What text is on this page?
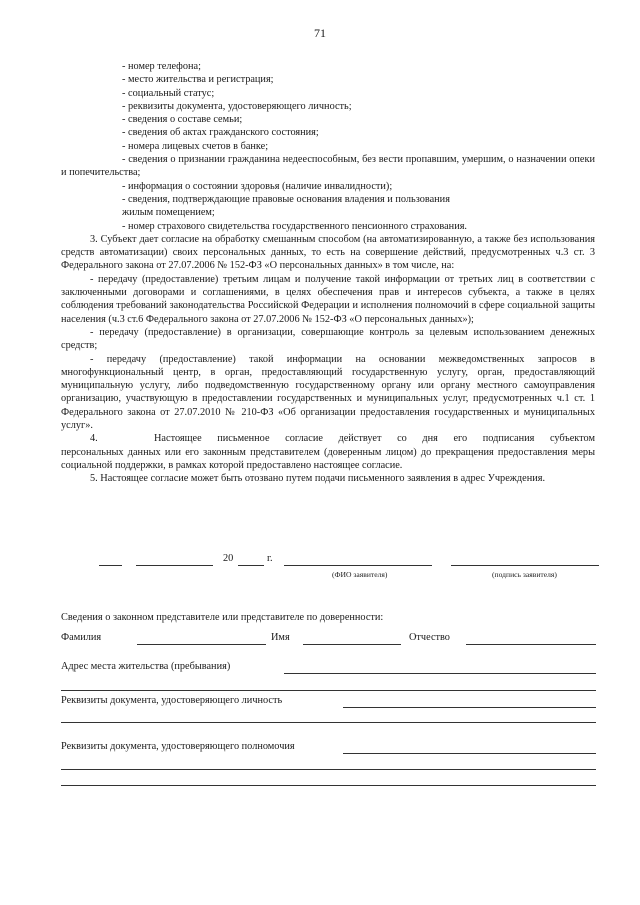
71
- номер телефона;
- место жительства и регистрация;
- социальный статус;
- реквизиты документа, удостоверяющего личность;
- сведения о составе семьи;
- сведения об актах гражданского состояния;
- номера лицевых счетов в банке;
- сведения о признании гражданина недееспособным, без вести пропавшим, умершим, о назначении опеки и попечительства;
- информация о состоянии здоровья (наличие инвалидности);
- сведения, подтверждающие правовые основания владения и пользования
жилым помещением;
- номер страхового свидетельства государственного пенсионного страхования.
3. Субъект дает согласие на обработку смешанным способом (на автоматизированную, а также без использования средств автоматизации) своих персональных данных, то есть на совершение действий, предусмотренных ч.3 ст. 3 Федерального закона от 27.07.2006 № 152-ФЗ «О персональных данных» в том числе, на:
- передачу (предоставление) третьим лицам и получение такой информации от третьих лиц в соответствии с заключенными договорами и соглашениями, в целях обеспечения прав и интересов субъекта, а также в целях соблюдения требований законодательства Российской Федерации и исполнения полномочий в сфере социальной защиты населения (ч.3 ст.6 Федерального закона от 27.07.2006 № 152-ФЗ «О персональных данных»);
- передачу (предоставление) в организации, совершающие контроль за целевым использованием денежных средств;
- передачу (предоставление) такой информации на основании межведомственных запросов в многофункциональный центр, в орган, предоставляющий государственную услугу, орган, предоставляющий муниципальную услугу, либо подведомственную государственному органу или органу местного самоуправления организацию, участвующую в предоставлении государственных и муниципальных услуг, предусмотренных ч.1 ст. 1 Федерального закона от 27.07.2010 № 210-ФЗ «Об организации предоставления государственных и муниципальных услуг».
4.	Настоящее письменное согласие действует со дня его подписания субъектом
персональных данных или его законным представителем (доверенным лицом) до прекращения предоставления меры социальной поддержки, в рамках которой предоставлено настоящее согласие.
5. Настоящее согласие может быть отозвано путем подачи письменного заявления в адрес Учреждения.
20	г.
(ФИО заявителя)	(подпись заявителя)
Сведения о законном представителе или представителе по доверенности:
Фамилия	Имя	Отчество
Адрес места жительства (пребывания)
Реквизиты документа, удостоверяющего личность
Реквизиты документа, удостоверяющего полномочия
